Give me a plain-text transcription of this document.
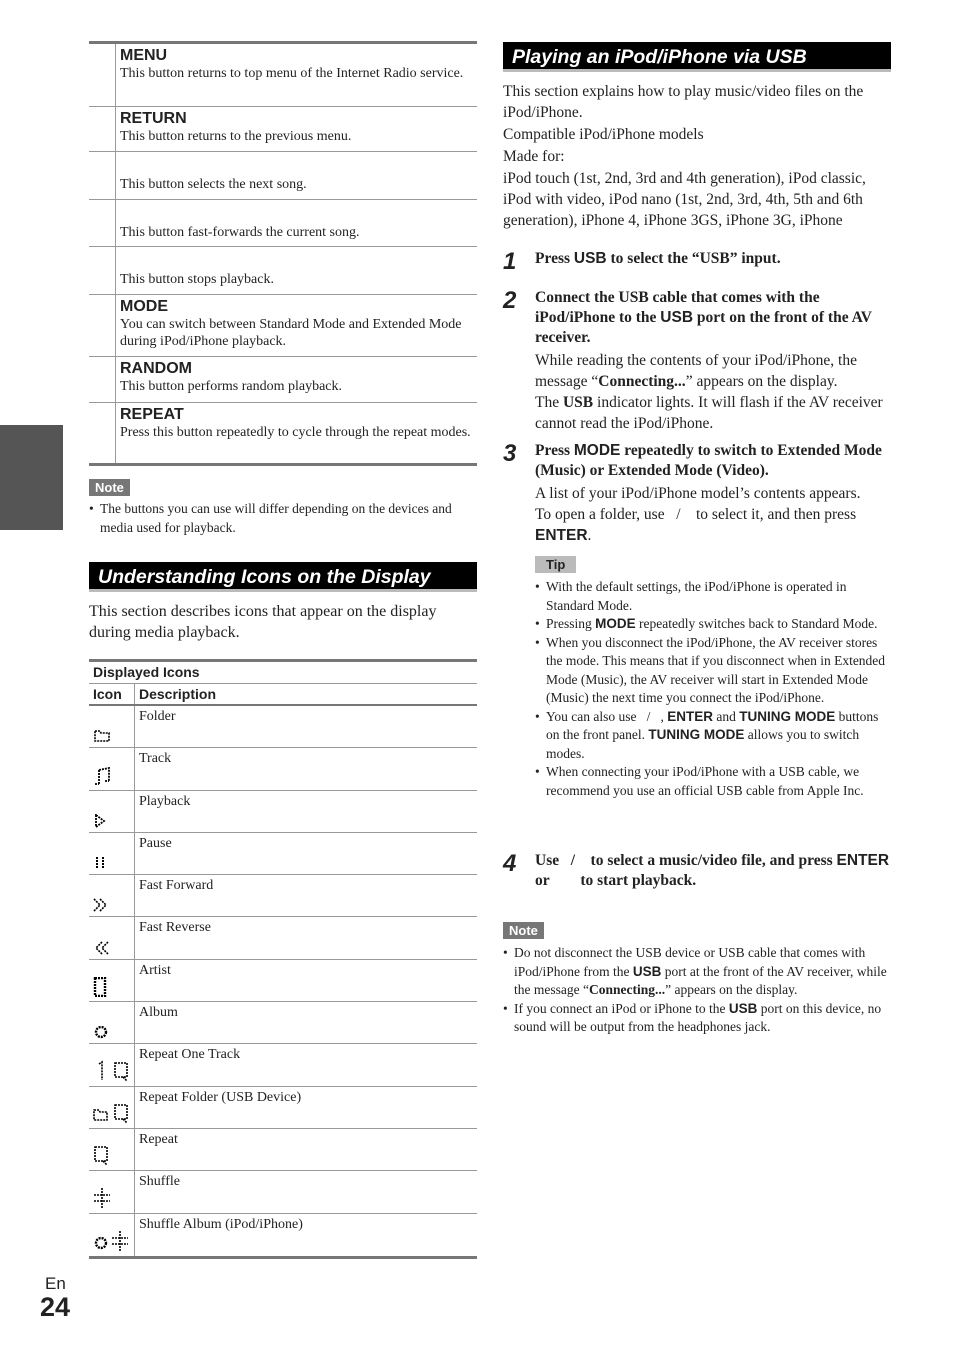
MENU
This button returns to top menu of the Internet Radio service.
RETURN
This button returns to the previous menu.
This button selects the next song.
This button fast-forwards the current song.
This button stops playback.
MODE
You can switch between Standard Mode and Extended Mode during iPod/iPhone playback.
RANDOM
This button performs random playback.
REPEAT
Press this button repeatedly to cycle through the repeat modes.
Note
• The buttons you can use will differ depending on the devices and media used for playback.
Understanding Icons on the Display
This section describes icons that appear on the display during media playback.
Displayed Icons
Icon	Description
Folder
Track
Playback
Pause
Fast Forward
Fast Reverse
Artist
Album
Repeat One Track
Repeat Folder (USB Device)
Repeat
Shuffle
Shuffle Album (iPod/iPhone)
Playing an iPod/iPhone via USB
This section explains how to play music/video files on the iPod/iPhone.
Compatible iPod/iPhone models
Made for:
iPod touch (1st, 2nd, 3rd and 4th generation), iPod classic, iPod with video, iPod nano (1st, 2nd, 3rd, 4th, 5th and 6th generation), iPhone 4, iPhone 3GS, iPhone 3G, iPhone
1 Press USB to select the “USB” input.
2 Connect the USB cable that comes with the iPod/iPhone to the USB port on the front of the AV receiver.
While reading the contents of your iPod/iPhone, the message “Connecting...” appears on the display.
The USB indicator lights. It will flash if the AV receiver cannot read the iPod/iPhone.
3 Press MODE repeatedly to switch to Extended Mode (Music) or Extended Mode (Video).
A list of your iPod/iPhone model’s contents appears.
To open a folder, use   /    to select it, and then press ENTER.
Tip
• With the default settings, the iPod/iPhone is operated in Standard Mode.
• Pressing MODE repeatedly switches back to Standard Mode.
• When you disconnect the iPod/iPhone, the AV receiver stores the mode. This means that if you disconnect when in Extended Mode (Music), the AV receiver will start in Extended Mode (Music) the next time you connect the iPod/iPhone.
• You can also use   /   , ENTER and TUNING MODE buttons on the front panel. TUNING MODE allows you to switch modes.
• When connecting your iPod/iPhone with a USB cable, we recommend you use an official USB cable from Apple Inc.
4 Use   /    to select a music/video file, and press ENTER or        to start playback.
Note
• Do not disconnect the USB device or USB cable that comes with iPod/iPhone from the USB port at the front of the AV receiver, while the message “Connecting...” appears on the display.
• If you connect an iPod or iPhone to the USB port on this device, no sound will be output from the headphones jack.
En
24
